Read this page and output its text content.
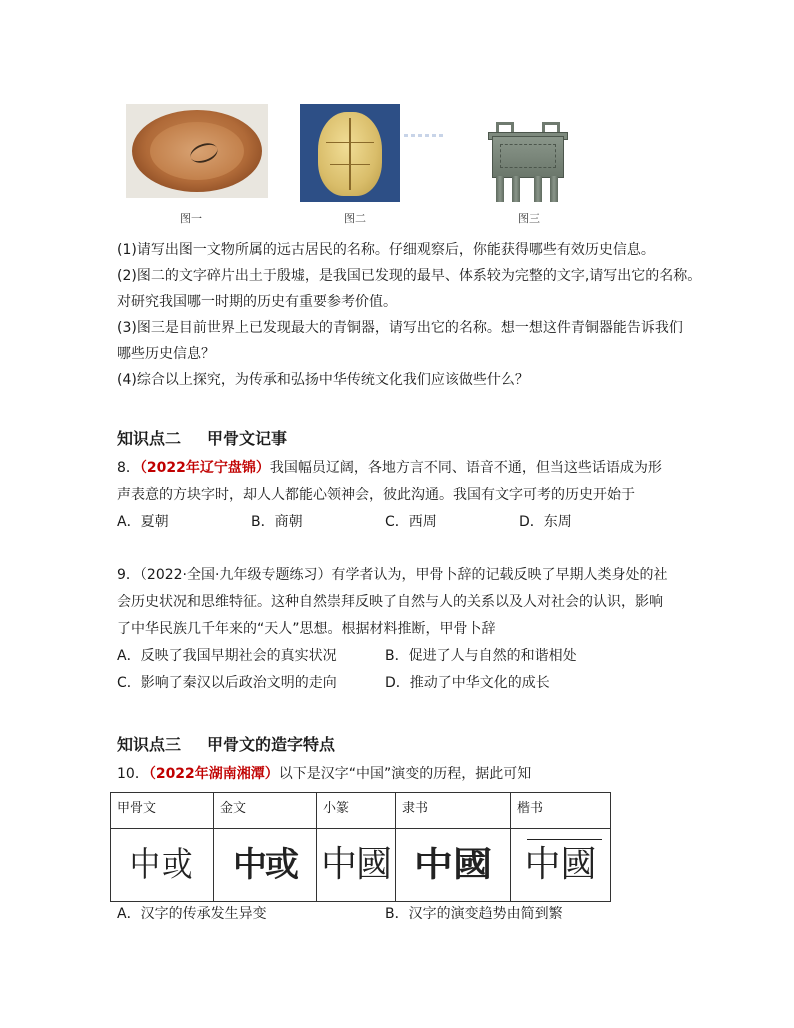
图一	图二	图三
(1)请写出图一文物所属的远古居民的名称。仔细观察后，你能获得哪些有效历史信息。
(2)图二的文字碎片出土于殷墟，是我国已发现的最早、体系较为完整的文字,请写出它的名称。
对研究我国哪一时期的历史有重要参考价值。
(3)图三是目前世界上已发现最大的青铜器，请写出它的名称。想一想这件青铜器能告诉我们
哪些历史信息？
(4)综合以上探究，为传承和弘扬中华传统文化我们应该做些什么？
知识点二 甲骨文记事
8．（2022年辽宁盘锦）我国幅员辽阔，各地方言不同、语音不通，但当这些话语成为形
声表意的方块字时，却人人都能心领神会，彼此沟通。我国有文字可考的历史开始于
A．夏朝	B．商朝	C．西周	D．东周
9．（2022·全国·九年级专题练习）有学者认为，甲骨卜辞的记载反映了早期人类身处的社
会历史状况和思维特征。这种自然崇拜反映了自然与人的关系以及人对社会的认识，影响
了中华民族几千年来的“天人”思想。根据材料推断，甲骨卜辞
A．反映了我国早期社会的真实状况	B．促进了人与自然的和谐相处
C．影响了秦汉以后政治文明的走向	D．推动了中华文化的成长
知识点三 甲骨文的造字特点
10．（2022年湖南湘潭）以下是汉字“中国”演变的历程，据此可知
甲骨文	金文	小篆	隶书	楷书
中或	中或	中國	中國	中國
A．汉字的传承发生异变	B．汉字的演变趋势由简到繁
